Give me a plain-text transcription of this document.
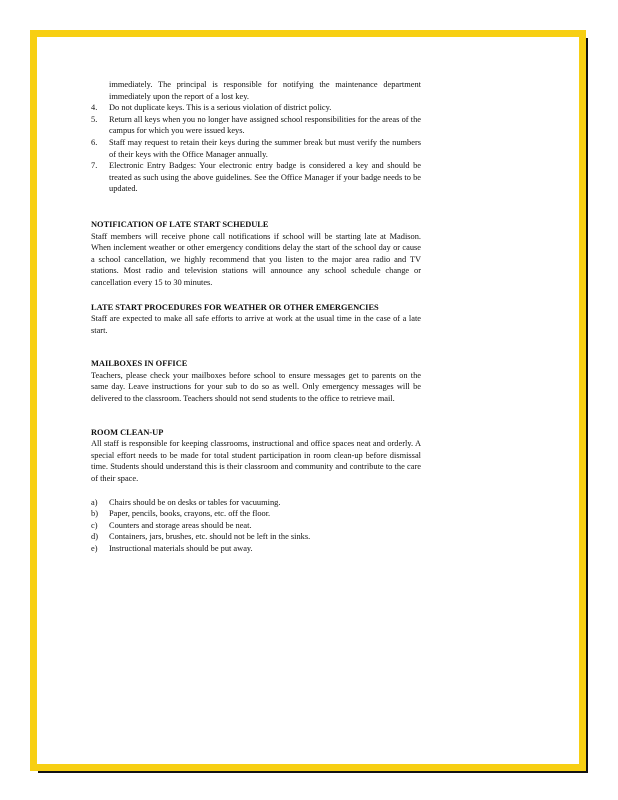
immediately. The principal is responsible for notifying the maintenance department immediately upon the report of a lost key.
4. Do not duplicate keys. This is a serious violation of district policy.
5. Return all keys when you no longer have assigned school responsibilities for the areas of the campus for which you were issued keys.
6. Staff may request to retain their keys during the summer break but must verify the numbers of their keys with the Office Manager annually.
7. Electronic Entry Badges: Your electronic entry badge is considered a key and should be treated as such using the above guidelines. See the Office Manager if your badge needs to be updated.
NOTIFICATION OF LATE START SCHEDULE

Staff members will receive phone call notifications if school will be starting late at Madison. When inclement weather or other emergency conditions delay the start of the school day or cause a school cancellation, we highly recommend that you listen to the major area radio and TV stations. Most radio and television stations will announce any school schedule change or cancellation every 15 to 30 minutes.

LATE START PROCEDURES FOR WEATHER OR OTHER EMERGENCIES

Staff are expected to make all safe efforts to arrive at work at the usual time in the case of a late start.

MAILBOXES IN OFFICE

Teachers, please check your mailboxes before school to ensure messages get to parents on the same day. Leave instructions for your sub to do so as well. Only emergency messages will be delivered to the classroom. Teachers should not send students to the office to retrieve mail.

ROOM CLEAN-UP

All staff is responsible for keeping classrooms, instructional and office spaces neat and orderly. A special effort needs to be made for total student participation in room clean-up before dismissal time. Students should understand this is their classroom and community and contribute to the care of their space.

a) Chairs should be on desks or tables for vacuuming.
b) Paper, pencils, books, crayons, etc. off the floor.
c) Counters and storage areas should be neat.
d) Containers, jars, brushes, etc. should not be left in the sinks.
e) Instructional materials should be put away.
